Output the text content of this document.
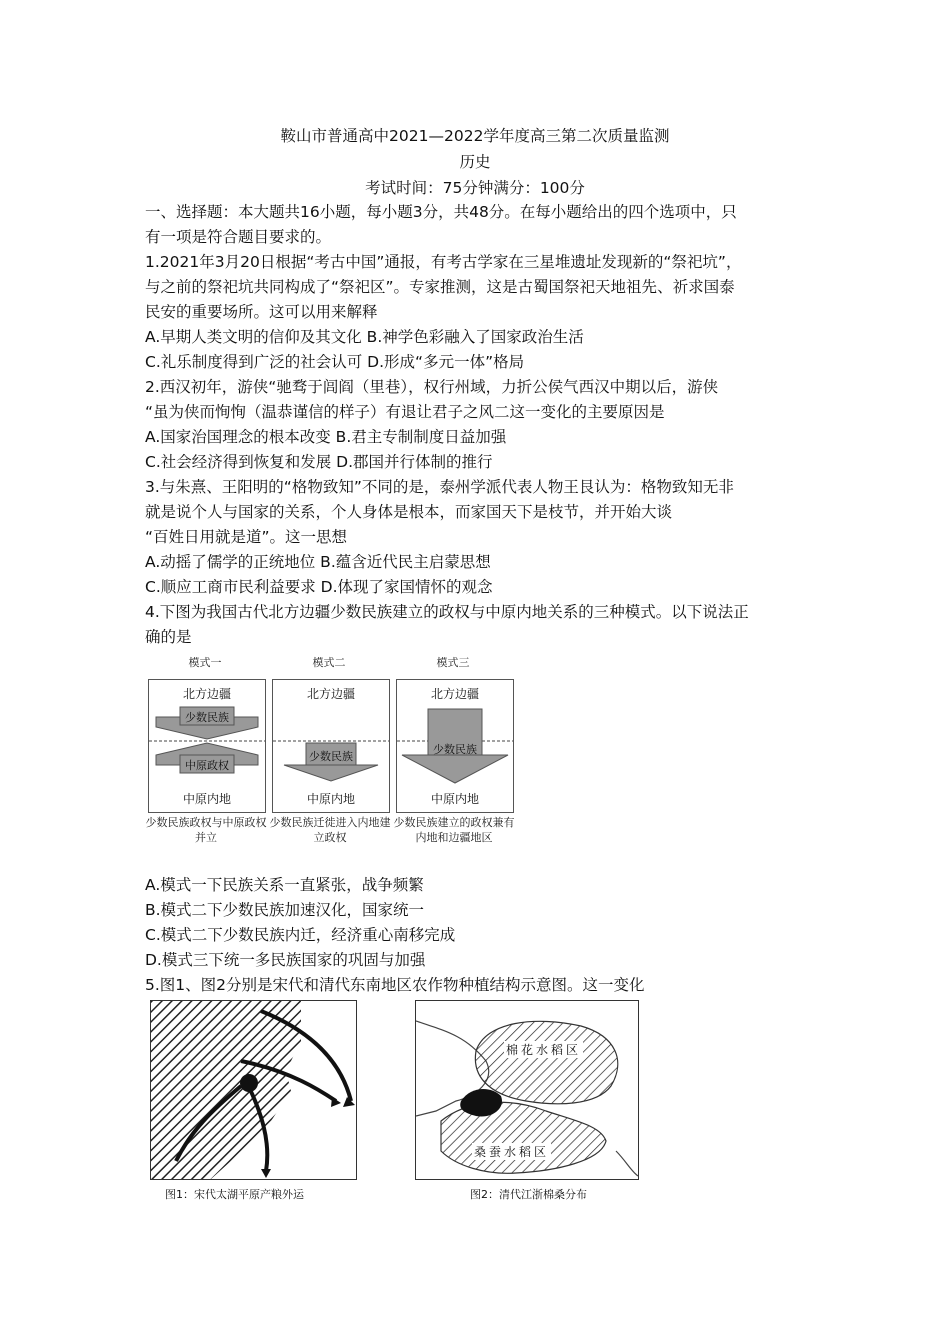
鞍山市普通高中2021—2022学年度高三第二次质量监测
历史
考试时间：75分钟满分：100分
一、选择题：本大题共16小题，每小题3分，共48分。在每小题给出的四个选项中，只
有一项是符合题目要求的。
1.2021年3月20日根据“考古中国”通报，有考古学家在三星堆遗址发现新的“祭祀坑”，
与之前的祭祀坑共同构成了“祭祀区”。专家推测，这是古蜀国祭祀天地祖先、祈求国泰
民安的重要场所。这可以用来解释
A.早期人类文明的信仰及其文化 B.神学色彩融入了国家政治生活
C.礼乐制度得到广泛的社会认可 D.形成“多元一体”格局
2.西汉初年，游侠“驰骛于闾阎（里巷），权行州域，力折公侯气西汉中期以后，游侠
“虽为侠而恂恂（温恭谨信的样子）有退让君子之风二这一变化的主要原因是
A.国家治国理念的根本改变 B.君主专制制度日益加强
C.社会经济得到恢复和发展 D.郡国并行体制的推行
3.与朱熹、王阳明的“格物致知”不同的是，泰州学派代表人物王艮认为：格物致知无非
就是说个人与国家的关系，个人身体是根本，而家国天下是枝节，并开始大谈
“百姓日用就是道”。这一思想
A.动摇了儒学的正统地位 B.蕴含近代民主启蒙思想
C.顺应工商市民利益要求 D.体现了家国情怀的观念
4.下图为我国古代北方边疆少数民族建立的政权与中原内地关系的三种模式。以下说法正
确的是
模式一
北方边疆
中原内地
少数民族
中原政权
少数民族政权与中原政权并立
模式二
北方边疆
中原内地
少数民族
少数民族迁徙进入内地建立政权
模式三
北方边疆
中原内地
少数民族
少数民族建立的政权兼有内地和边疆地区
A.模式一下民族关系一直紧张，战争频繁
B.模式二下少数民族加速汉化，国家统一
C.模式二下少数民族内迁，经济重心南移完成
D.模式三下统一多民族国家的巩固与加强
5.图1、图2分别是宋代和清代东南地区农作物种植结构示意图。这一变化
图1：宋代太湖平原产粮外运
棉花水稻区
桑蚕水稻区
图2：清代江浙棉桑分布
